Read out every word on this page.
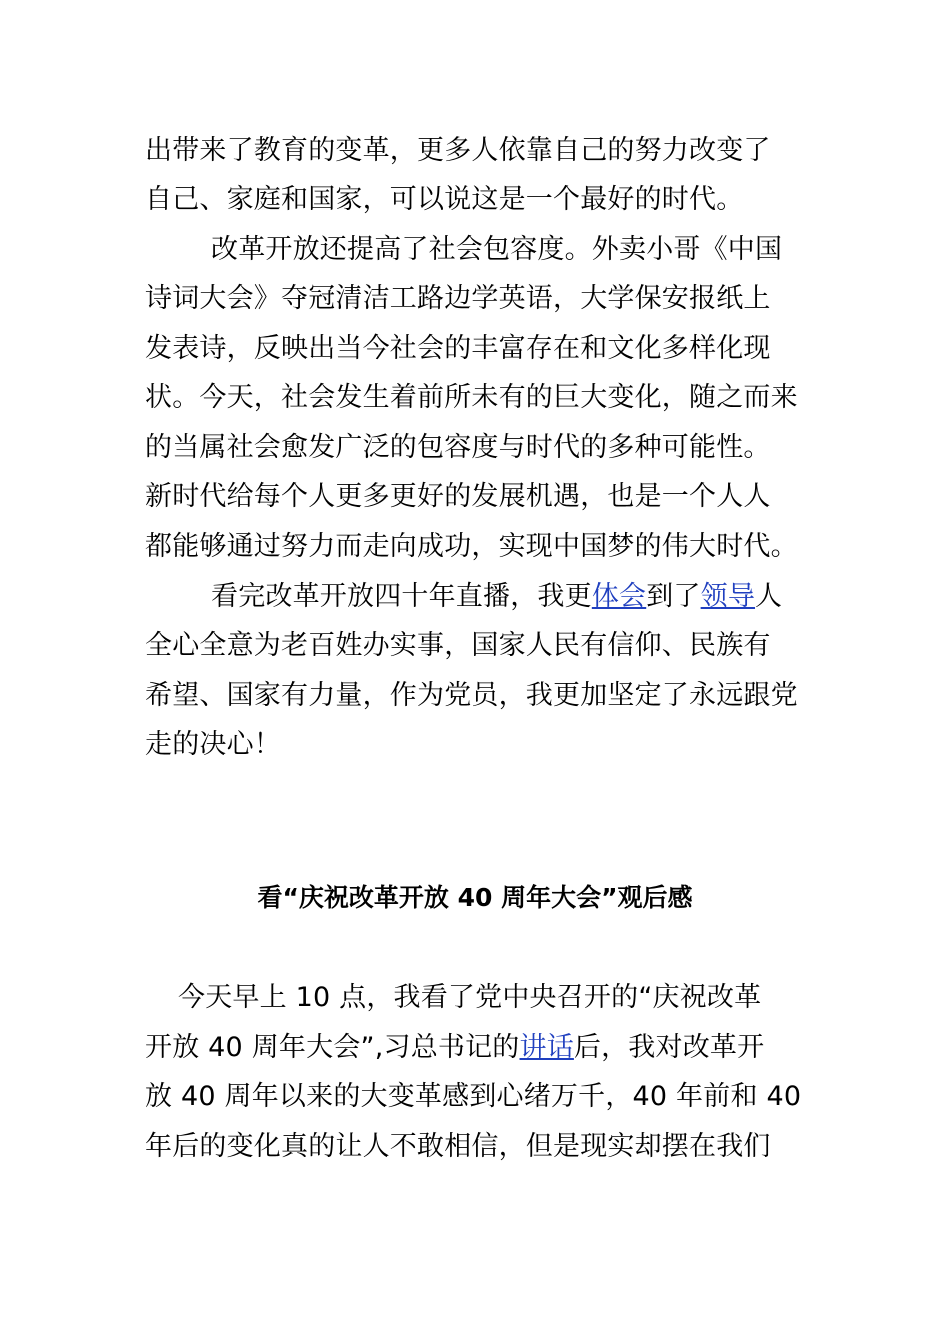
出带来了教育的变革，更多人依靠自己的努力改变了
自己、家庭和国家，可以说这是一个最好的时代。
改革开放还提高了社会包容度。外卖小哥《中国
诗词大会》夺冠清洁工路边学英语，大学保安报纸上
发表诗，反映出当今社会的丰富存在和文化多样化现
状。今天，社会发生着前所未有的巨大变化，随之而来
的当属社会愈发广泛的包容度与时代的多种可能性。
新时代给每个人更多更好的发展机遇，也是一个人人
都能够通过努力而走向成功，实现中国梦的伟大时代。
看完改革开放四十年直播，我更体会到了领导人
全心全意为老百姓办实事，国家人民有信仰、民族有
希望、国家有力量，作为党员，我更加坚定了永远跟党
走的决心！
看“庆祝改革开放 40 周年大会”观后感
今天早上 10 点，我看了党中央召开的“庆祝改革
开放 40 周年大会”,习总书记的讲话后，我对改革开
放 40 周年以来的大变革感到心绪万千，40 年前和 40
年后的变化真的让人不敢相信，但是现实却摆在我们
